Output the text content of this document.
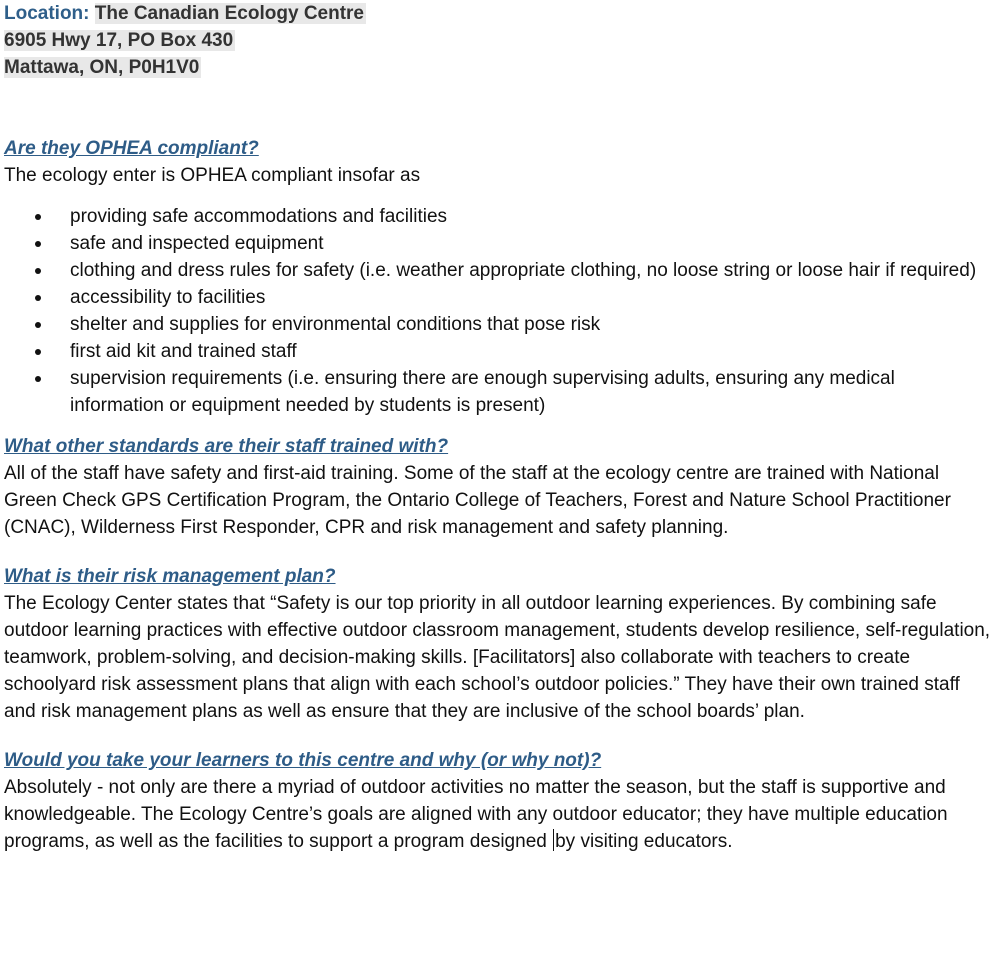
Location: The Canadian Ecology Centre
6905 Hwy 17, PO Box 430
Mattawa, ON, P0H1V0
Are they OPHEA compliant?

The ecology enter is OPHEA compliant insofar as

providing safe accommodations and facilities
safe and inspected equipment
clothing and dress rules for safety (i.e. weather appropriate clothing, no loose string or loose hair if required)
accessibility to facilities
shelter and supplies for environmental conditions that pose risk
first aid kit and trained staff
supervision requirements (i.e. ensuring there are enough supervising adults, ensuring any medical information or equipment needed by students is present)
What other standards are their staff trained with?

All of the staff have safety and first-aid training. Some of the staff at the ecology centre are trained with National Green Check GPS Certification Program, the Ontario College of Teachers, Forest and Nature School Practitioner (CNAC), Wilderness First Responder, CPR and risk management and safety planning.

What is their risk management plan?

The Ecology Center states that “Safety is our top priority in all outdoor learning experiences. By combining safe outdoor learning practices with effective outdoor classroom management, students develop resilience, self-regulation, teamwork, problem-solving, and decision-making skills. [Facilitators] also collaborate with teachers to create schoolyard risk assessment plans that align with each school’s outdoor policies.” They have their own trained staff and risk management plans as well as ensure that they are inclusive of the school boards’ plan.

Would you take your learners to this centre and why (or why not)?

Absolutely - not only are there a myriad of outdoor activities no matter the season, but the staff is supportive and knowledgeable. The Ecology Centre’s goals are aligned with any outdoor educator; they have multiple education programs, as well as the facilities to support a program designed by visiting educators.
